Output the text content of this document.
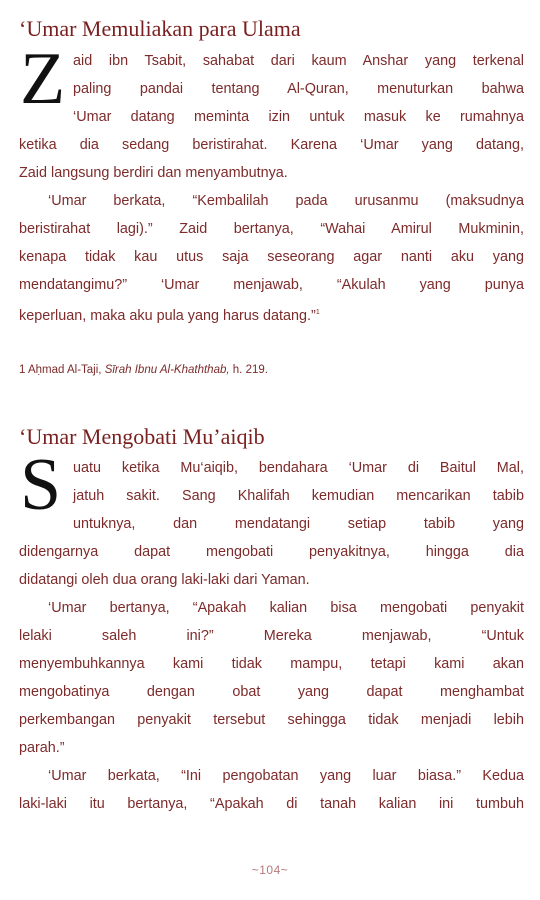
‘Umar Memuliakan para Ulama
Z aid ibn Tsabit, sahabat dari kaum Anshar yang terkenal
paling pandai tentang Al-Quran, menuturkan bahwa
‘Umar datang meminta izin untuk masuk ke rumahnya
ketika dia sedang beristirahat. Karena ‘Umar yang datang,
Zaid langsung berdiri dan menyambutnya.
‘Umar berkata, “Kembalilah pada urusanmu (maksudnya
beristirahat lagi).” Zaid bertanya, “Wahai Amirul Mukminin,
kenapa tidak kau utus saja seseorang agar nanti aku yang
mendatangimu?” ‘Umar menjawab, “Akulah yang punya
keperluan, maka aku pula yang harus datang.”$^1$
1 Aḥmad Al-Taji, Sīrah Ibnu Al-Khaththab, h. 219.
‘Umar Mengobati Mu’aiqib
S uatu ketika Mu‘aiqib, bendahara ‘Umar di Baitul Mal,
jatuh sakit. Sang Khalifah kemudian mencarikan tabib
untuknya, dan mendatangi setiap tabib yang
didengarnya dapat mengobati penyakitnya, hingga dia
didatangi oleh dua orang laki-laki dari Yaman.
‘Umar bertanya, “Apakah kalian bisa mengobati penyakit
lelaki saleh ini?” Mereka menjawab, “Untuk
menyembuhkannya kami tidak mampu, tetapi kami akan
mengobatinya dengan obat yang dapat menghambat
perkembangan penyakit tersebut sehingga tidak menjadi lebih
parah.”
‘Umar berkata, “Ini pengobatan yang luar biasa.” Kedua
laki-laki itu bertanya, “Apakah di tanah kalian ini tumbuh
~104~
